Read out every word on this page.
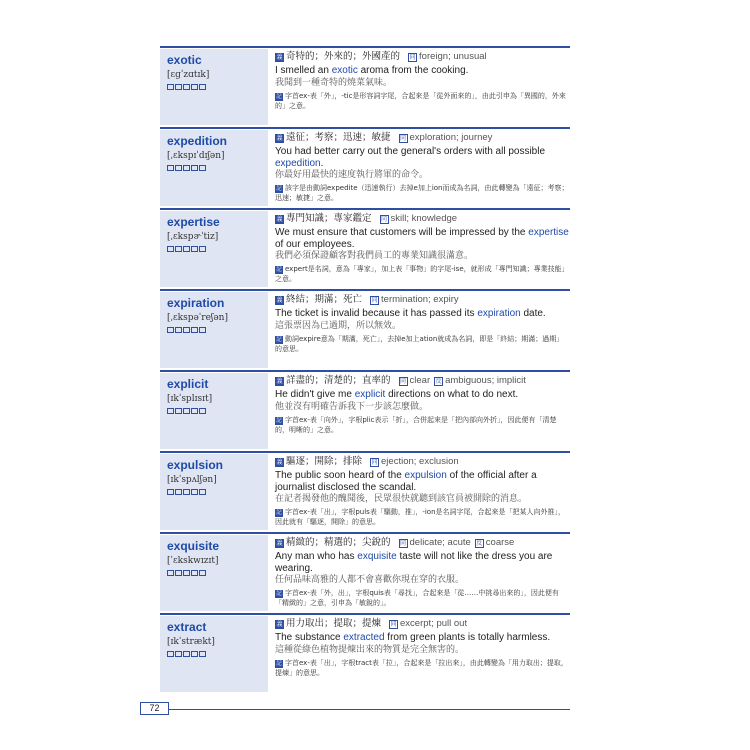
exotic
[ɛgˈzɑtɪk]
義 奇特的；外來的；外國產的 同 foreign; unusual
I smelled an exotic aroma from the cooking.
我聞到一種奇特的燒菜氣味。
記 字首ex-表「外」，-tic是形容詞字尾，合起來是「從外面來的」，由此引申為「異國的，外來的」之意。
expedition
[ˌɛkspɪˈdɪʃən]
義 遠征；考察；迅速；敏捷 同 exploration; journey
You had better carry out the general's orders with all possible expedition.
你最好用最快的速度執行將軍的命令。
記 該字是由動詞expedite（迅速執行）去掉e加上ion而成為名詞，由此轉變為「遠征；考察；迅速；敏捷」之意。
expertise
[ˌɛkspɚˈtiz]
義 專門知識；專家鑑定 同 skill; knowledge
We must ensure that customers will be impressed by the expertise of our employees.
我們必須保證顧客對我們員工的專業知識很滿意。
記 expert是名詞，意為「專家」，加上表「事物」的字尾-ise，就形成「專門知識；專業技能」之意。
expiration
[ˌɛkspəˈreʃən]
義 終結；期滿；死亡 同 termination; expiry
The ticket is invalid because it has passed its expiration date.
這張票因為已過期，所以無效。
記 動詞expire意為「期滿，死亡」，去掉e加上ation就成為名詞，即是「終結；期滿；過期」的意思。
explicit
[ɪkˈsplɪsɪt]
義 詳盡的；清楚的；直率的 同 clear 反 ambiguous; implicit
He didn't give me explicit directions on what to do next.
他並沒有明確告訴我下一步該怎麼做。
記 字首ex-表「向外」，字根plic表示「折」，合併起來是「把內部向外折」，因此便有「清楚的，明晰的」之意。
expulsion
[ɪkˈspʌlʃən]
義 驅逐；開除；排除 同 ejection; exclusion
The public soon heard of the expulsion of the official after a journalist disclosed the scandal.
在記者揭發他的醜聞後，民眾很快就聽到該官員被開除的消息。
記 字首ex-表「出」，字根puls表「驅動，推」，-ion是名詞字尾，合起來是「把某人向外推」，因此就有「驅逐，開除」的意思。
exquisite
[ˈɛkskwɪzɪt]
義 精緻的；精選的；尖銳的 同 delicate; acute 反 coarse
Any man who has exquisite taste will not like the dress you are wearing.
任何品味高雅的人都不會喜歡你現在穿的衣服。
記 字首ex-表「外，出」，字根quis表「尋找」，合起來是「從……中挑尋出來的」，因此便有「精緻的」之意，引申為「敏銳的」。
extract
[ɪkˈstrækt]
義 用力取出；提取；提煉 同 excerpt; pull out
The substance extracted from green plants is totally harmless.
這種從綠色植物提煉出來的物質是完全無害的。
記 字首ex-表「出」，字根tract表「拉」，合起來是「拉出來」，由此轉變為「用力取出；提取，提煉」的意思。
72
